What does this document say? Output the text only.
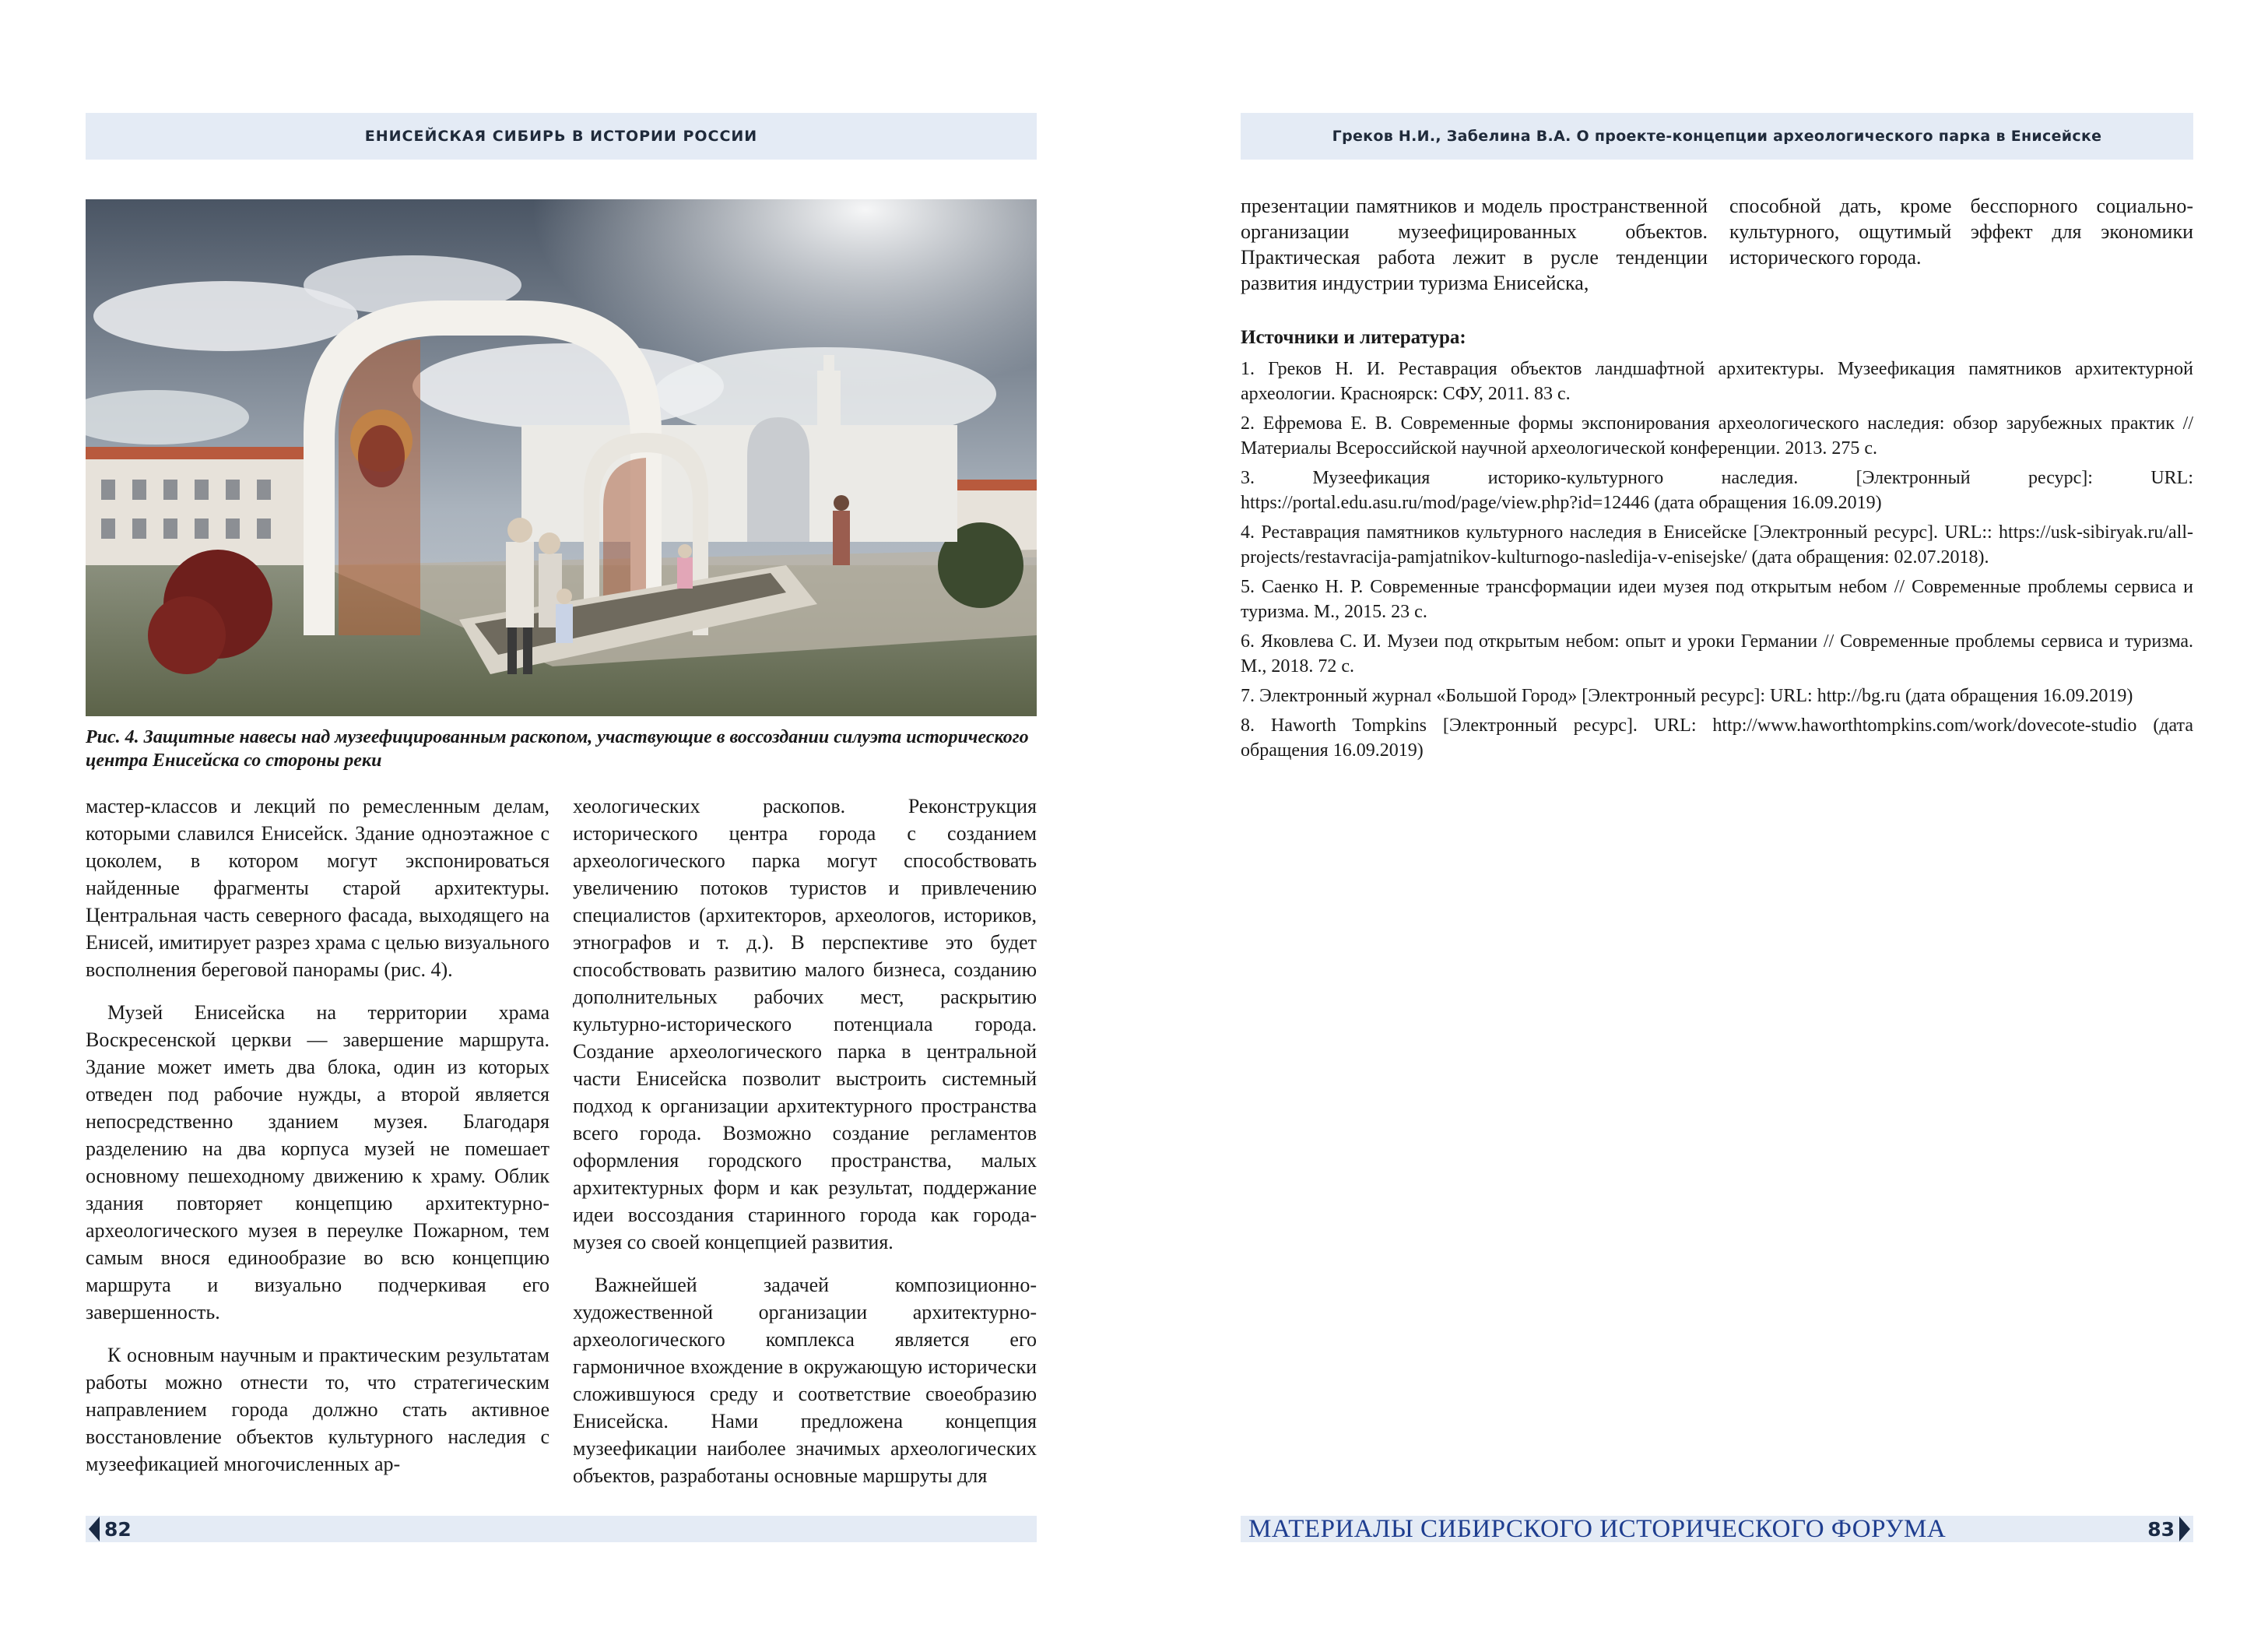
ЕНИСЕЙСКАЯ СИБИРЬ В ИСТОРИИ РОССИИ
Рис. 4. Защитные навесы над музеефицированным раскопом, участвующие в воссоздании силуэта исторического центра Енисейска со стороны реки

мастер-классов и лекций по ремесленным делам, которыми славился Енисейск. Здание одноэтажное с цоколем, в котором могут экспонироваться найденные фрагменты старой архитектуры. Центральная часть северного фасада, выходящего на Енисей, имитирует разрез храма с целью визуального восполнения береговой панорамы (рис. 4).

Музей Енисейска на территории храма Воскресенской церкви — завершение маршрута. Здание может иметь два блока, один из которых отведен под рабочие нужды, а второй является непосредственно зданием музея. Благодаря разделению на два корпуса музей не помешает основному пешеходному движению к храму. Облик здания повторяет концепцию архитектурно-археологического музея в переулке Пожарном, тем самым внося единообразие во всю концепцию маршрута и визуально подчеркивая его завершенность.

К основным научным и практическим результатам работы можно отнести то, что стратегическим направлением города должно стать активное восстановление объектов культурного наследия с музеефикацией многочисленных ар-

хеологических раскопов. Реконструкция исторического центра города с созданием археологического парка могут способствовать увеличению потоков туристов и привлечению специалистов (архитекторов, археологов, историков, этнографов и т. д.). В перспективе это будет способствовать развитию малого бизнеса, созданию дополнительных рабочих мест, раскрытию культурно-исторического потенциала города. Создание археологического парка в центральной части Енисейска позволит выстроить системный подход к организации архитектурного пространства всего города. Возможно создание регламентов оформления городского пространства, малых архитектурных форм и как результат, поддержание идеи воссоздания старинного города как города-музея со своей концепцией развития.

Важнейшей задачей композиционно-художественной организации архитектурно-археологического комплекса является его гармоничное вхождение в окружающую исторически сложившуюся среду и соответствие своеобразию Енисейска. Нами предложена концепция музеефикации наиболее значимых археологических объектов, разработаны основные маршруты для

82
Греков Н.И., Забелина В.А. О проекте-концепции археологического парка в Енисейске

презентации памятников и модель пространственной организации музеефицированных объектов. Практическая работа лежит в русле тенденции развития индустрии туризма Енисейска,

способной дать, кроме бесспорного социально-культурного, ощутимый эффект для экономики исторического города.

Источники и литература:
1. Греков Н. И. Реставрация объектов ландшафтной архитектуры. Музеефикация памятников архитектурной археологии. Красноярск: СФУ, 2011. 83 с.
2. Ефремова Е. В. Современные формы экспонирования археологического наследия: обзор зарубежных практик // Материалы Всероссийской научной археологической конференции. 2013. 275 с.
3. Музеефикация историко-культурного наследия. [Электронный ресурс]: URL: https://portal.edu.asu.ru/mod/page/view.php?id=12446 (дата обращения 16.09.2019)
4. Реставрация памятников культурного наследия в Енисейске [Электронный ресурс]. URL:: https://usk-sibiryak.ru/all-projects/restavracija-pamjatnikov-kulturnogo-nasledija-v-enisejske/ (дата обращения: 02.07.2018).
5. Саенко Н. Р. Современные трансформации идеи музея под открытым небом // Современные проблемы сервиса и туризма. М., 2015. 23 с.
6. Яковлева С. И. Музеи под открытым небом: опыт и уроки Германии // Современные проблемы сервиса и туризма. М., 2018. 72 с.
7. Электронный журнал «Большой Город» [Электронный ресурс]: URL: http://bg.ru (дата обращения 16.09.2019)
8. Haworth Tompkins [Электронный ресурс]. URL: http://www.haworthtompkins.com/work/dovecote-studio (дата обращения 16.09.2019)
МАТЕРИАЛЫ СИБИРСКОГО ИСТОРИЧЕСКОГО ФОРУМА	83
